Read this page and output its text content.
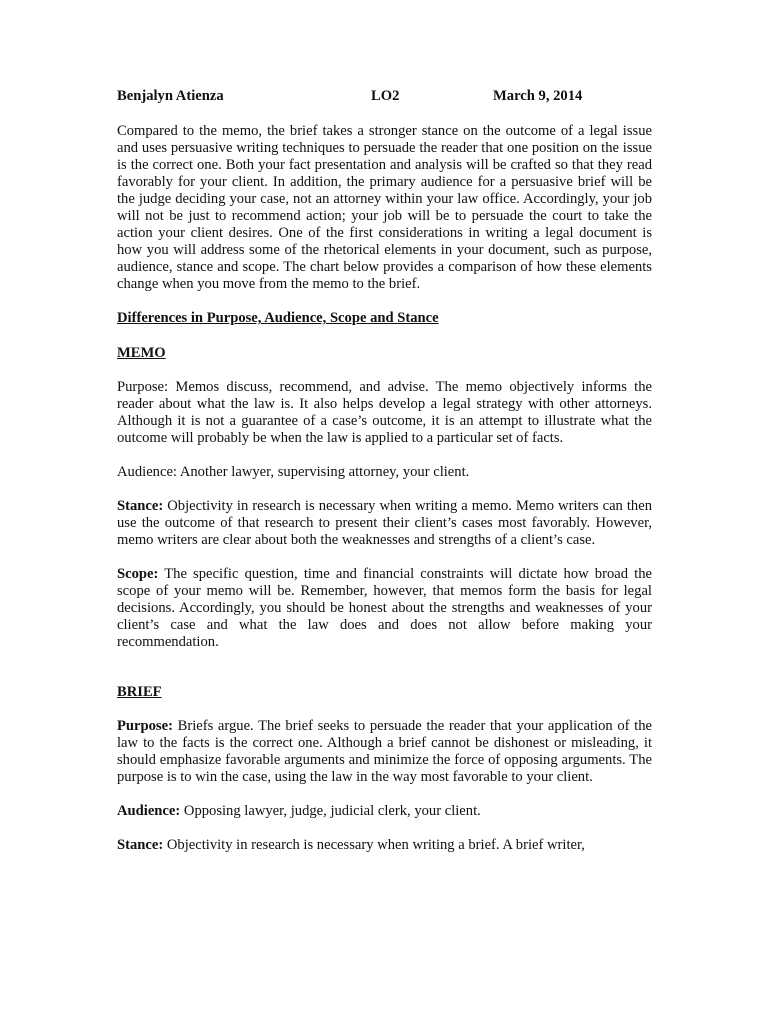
Benjalyn Atienza	LO2	March 9, 2014

Compared to the memo, the brief takes a stronger stance on the outcome of a legal issue and uses persuasive writing techniques to persuade the reader that one position on the issue is the correct one. Both your fact presentation and analysis will be crafted so that they read favorably for your client. In addition, the primary audience for a persuasive brief will be the judge deciding your case, not an attorney within your law office. Accordingly, your job will not be just to recommend action; your job will be to persuade the court to take the action your client desires. One of the first considerations in writing a legal document is how you will address some of the rhetorical elements in your document, such as purpose, audience, stance and scope. The chart below provides a comparison of how these elements change when you move from the memo to the brief.

Differences in Purpose, Audience, Scope and Stance

MEMO

Purpose: Memos discuss, recommend, and advise. The memo objectively informs the reader about what the law is. It also helps develop a legal strategy with other attorneys. Although it is not a guarantee of a case’s outcome, it is an attempt to illustrate what the outcome will probably be when the law is applied to a particular set of facts.

Audience: Another lawyer, supervising attorney, your client.

Stance: Objectivity in research is necessary when writing a memo. Memo writers can then use the outcome of that research to present their client’s cases most favorably. However, memo writers are clear about both the weaknesses and strengths of a client’s case.

Scope: The specific question, time and financial constraints will dictate how broad the scope of your memo will be. Remember, however, that memos form the basis for legal decisions. Accordingly, you should be honest about the strengths and weaknesses of your client’s case and what the law does and does not allow before making your recommendation.

BRIEF

Purpose: Briefs argue. The brief seeks to persuade the reader that your application of the law to the facts is the correct one. Although a brief cannot be dishonest or misleading, it should emphasize favorable arguments and minimize the force of opposing arguments. The purpose is to win the case, using the law in the way most favorable to your client.

Audience: Opposing lawyer, judge, judicial clerk, your client.

Stance: Objectivity in research is necessary when writing a brief. A brief writer,
